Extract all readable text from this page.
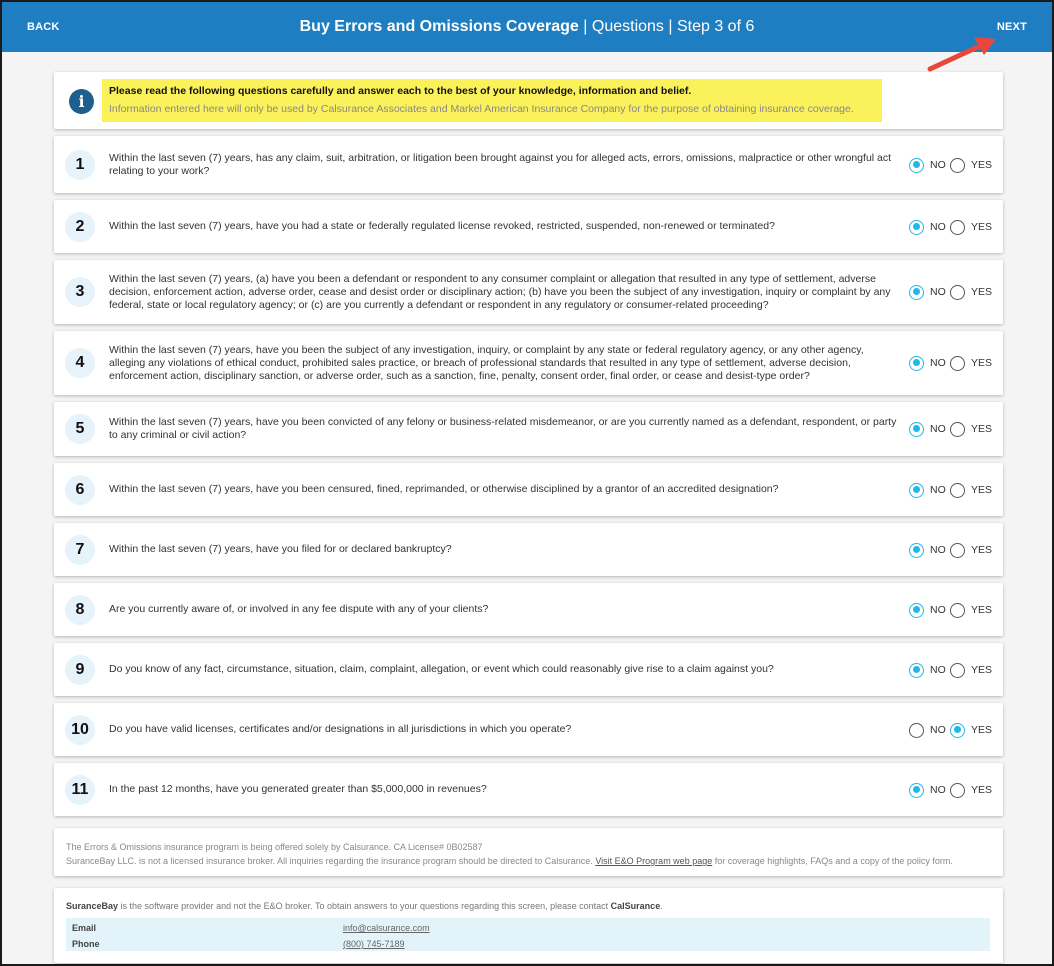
BACK	Buy Errors and Omissions Coverage | Questions | Step 3 of 6	NEXT
i
Please read the following questions carefully and answer each to the best of your knowledge, information and belief.
Information entered here will only be used by Calsurance Associates and Markel American Insurance Company for the purpose of obtaining insurance coverage.
1	Within the last seven (7) years, has any claim, suit, arbitration, or litigation been brought against you for alleged acts, errors, omissions, malpractice or other wrongful act relating to your work?	NO	YES
2	Within the last seven (7) years, have you had a state or federally regulated license revoked, restricted, suspended, non-renewed or terminated?	NO	YES
3
Within the last seven (7) years, (a) have you been a defendant or respondent to any consumer complaint or allegation that resulted in any type of settlement, adverse decision, enforcement action, adverse order, cease and desist order or disciplinary action; (b) have you been the subject of any investigation, inquiry or complaint by any federal, state or local regulatory agency; or (c) are you currently a defendant or respondent in any regulatory or consumer-related proceeding?
NO	YES
4
Within the last seven (7) years, have you been the subject of any investigation, inquiry, or complaint by any state or federal regulatory agency, or any other agency, alleging any violations of ethical conduct, prohibited sales practice, or breach of professional standards that resulted in any type of settlement, adverse decision, enforcement action, disciplinary sanction, or adverse order, such as a sanction, fine, penalty, consent order, final order, or cease and desist-type order?
NO	YES
5	Within the last seven (7) years, have you been convicted of any felony or business-related misdemeanor, or are you currently named as a defendant, respondent, or party to any criminal or civil action?	NO	YES
6	Within the last seven (7) years, have you been censured, fined, reprimanded, or otherwise disciplined by a grantor of an accredited designation?	NO	YES
7	Within the last seven (7) years, have you filed for or declared bankruptcy?	NO	YES
8	Are you currently aware of, or involved in any fee dispute with any of your clients?	NO	YES
9	Do you know of any fact, circumstance, situation, claim, complaint, allegation, or event which could reasonably give rise to a claim against you?	NO	YES
10	Do you have valid licenses, certificates and/or designations in all jurisdictions in which you operate?	NO	YES
11	In the past 12 months, have you generated greater than $5,000,000 in revenues?	NO	YES
The Errors & Omissions insurance program is being offered solely by Calsurance. CA License# 0B02587
SuranceBay LLC. is not a licensed insurance broker. All inquiries regarding the insurance program should be directed to Calsurance. Visit E&O Program web page for coverage highlights, FAQs and a copy of the policy form.
SuranceBay is the software provider and not the E&O broker. To obtain answers to your questions regarding this screen, please contact CalSurance.
Email	info@calsurance.com
Phone	(800) 745-7189
